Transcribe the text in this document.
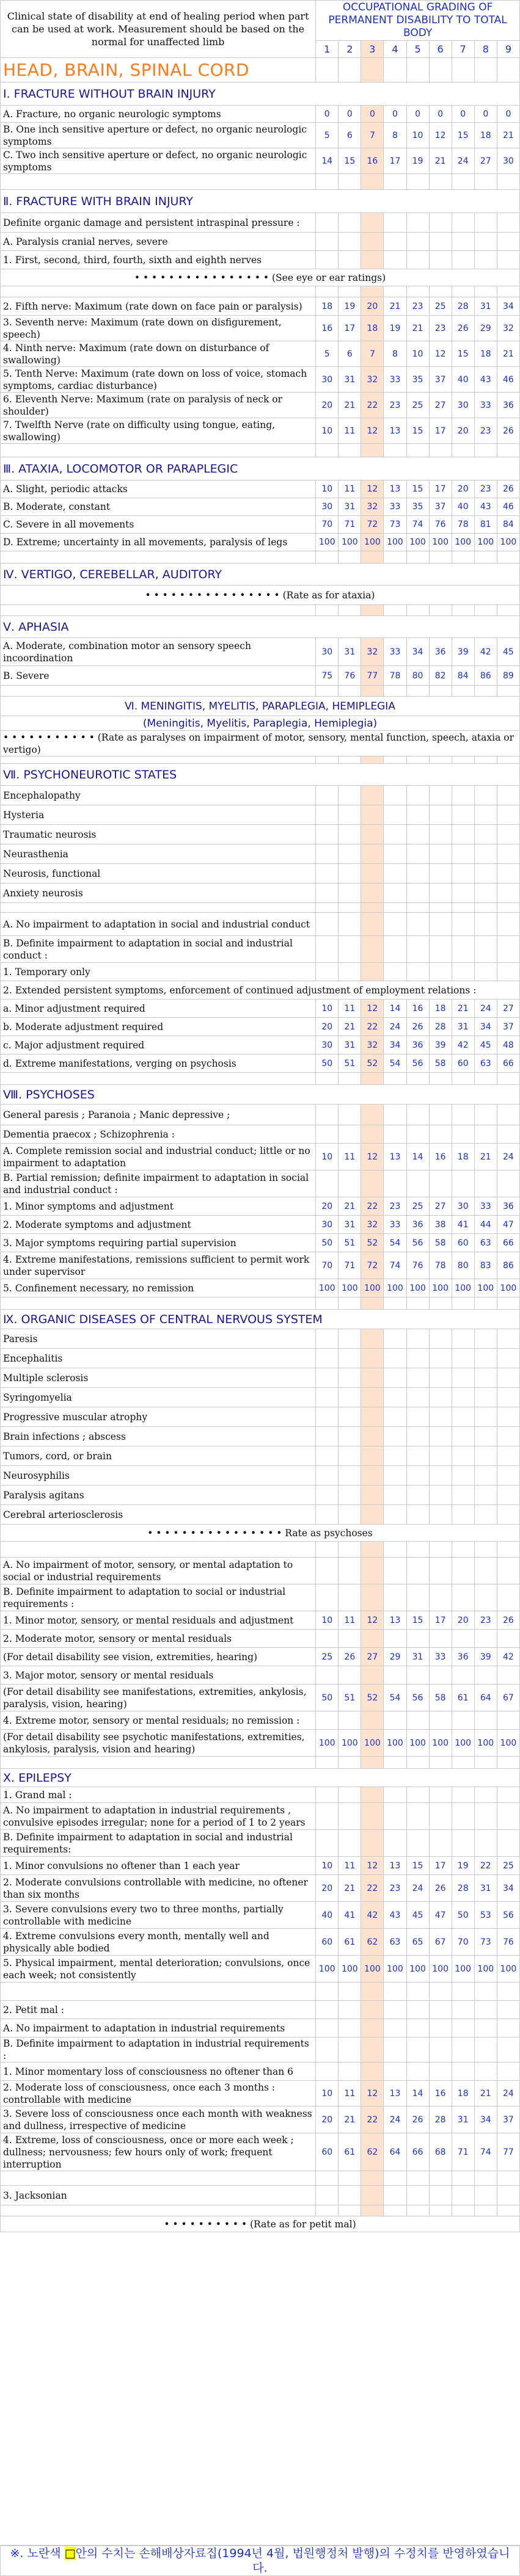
Clinical state of disability at end of healing period when part can be used at work. Measurement should be based on the normal for unaffected limb	OCCUPATIONAL GRADING OF PERMANENT DISABILITY TO TOTAL BODY								
	1	2	3	4	5	6	7	8	9
HEAD, BRAIN, SPINAL CORD									
Ⅰ. FRACTURE WITHOUT BRAIN INJURY									
A. Fracture, no organic neurologic symptoms	0	0	0	0	0	0	0	0	0
B. One inch sensitive aperture or defect, no organic neurologic symptoms	5	6	7	8	10	12	15	18	21
C. Two inch sensitive aperture or defect, no organic neurologic symptoms	14	15	16	17	19	21	24	27	30

Ⅱ. FRACTURE WITH BRAIN INJURY									
Definite organic damage and persistent intraspinal pressure :									
A. Paralysis cranial nerves, severe									
1. First, second, third, fourth, sixth and eighth nerves									
• • • • • • • • • • • • • • • • (See eye or ear ratings)									

2. Fifth nerve: Maximum (rate down on face pain or paralysis)	18	19	20	21	23	25	28	31	34
3. Seventh nerve: Maximum (rate down on disfigurement, speech)	16	17	18	19	21	23	26	29	32
4. Ninth nerve: Maximum (rate down on disturbance of swallowing)	5	6	7	8	10	12	15	18	21
5. Tenth Nerve: Maximum (rate down on loss of voice, stomach symptoms, cardiac disturbance)	30	31	32	33	35	37	40	43	46
6. Eleventh Nerve: Maximum (rate on paralysis of neck or shoulder)	20	21	22	23	25	27	30	33	36
7. Twelfth Nerve (rate on difficulty using tongue, eating, swallowing)	10	11	12	13	15	17	20	23	26

Ⅲ. ATAXIA, LOCOMOTOR OR PARAPLEGIC									
A. Slight, periodic attacks	10	11	12	13	15	17	20	23	26
B. Moderate, constant	30	31	32	33	35	37	40	43	46
C. Severe in all movements	70	71	72	73	74	76	78	81	84
D. Extreme; uncertainty in all movements, paralysis of legs	100	100	100	100	100	100	100	100	100

Ⅳ. VERTIGO, CEREBELLAR, AUDITORY									
• • • • • • • • • • • • • • • • (Rate as for ataxia)									

Ⅴ. APHASIA									
A. Moderate, combination motor an sensory speech incoordination	30	31	32	33	34	36	39	42	45
B. Severe	75	76	77	78	80	82	84	86	89

Ⅵ. MENINGITIS, MYELITIS, PARAPLEGIA, HEMIPLEGIA									
(Meningitis, Myelitis, Paraplegia, Hemiplegia)									
• • • • • • • • • • • (Rate as paralyses on impairment of motor, sensory, mental function, speech, ataxia or vertigo)									

Ⅶ. PSYCHONEUROTIC STATES									
Encephalopathy									
Hysteria									
Traumatic neurosis									
Neurasthenia									
Neurosis, functional									
Anxiety neurosis									

A. No impairment to adaptation in social and industrial conduct									
B. Definite impairment to adaptation in social and industrial conduct :									
1. Temporary only									
2. Extended persistent symptoms, enforcement of continued adjustment of employment relations :									
a. Minor adjustment required	10	11	12	14	16	18	21	24	27
b. Moderate adjustment required	20	21	22	24	26	28	31	34	37
c. Major adjustment required	30	31	32	34	36	39	42	45	48
d. Extreme manifestations, verging on psychosis	50	51	52	54	56	58	60	63	66

Ⅷ. PSYCHOSES									
General paresis ; Paranoia ; Manic depressive ;									
Dementia praecox ; Schizophrenia :									
A. Complete remission social and industrial conduct; little or no impairment to adaptation	10	11	12	13	14	16	18	21	24
B. Partial remission; definite impairment to adaptation in social and industrial conduct :									
1. Minor symptoms and adjustment	20	21	22	23	25	27	30	33	36
2. Moderate symptoms and adjustment	30	31	32	33	36	38	41	44	47
3. Major symptoms requiring partial supervision	50	51	52	54	56	58	60	63	66
4. Extreme manifestations, remissions sufficient to permit work under supervisor	70	71	72	74	76	78	80	83	86
5. Confinement necessary, no remission	100	100	100	100	100	100	100	100	100

Ⅸ. ORGANIC DISEASES OF CENTRAL NERVOUS SYSTEM									
Paresis									
Encephalitis									
Multiple sclerosis									
Syringomyelia									
Progressive muscular atrophy									
Brain infections ; abscess									
Tumors, cord, or brain									
Neurosyphilis									
Paralysis agitans									
Cerebral arteriosclerosis									
• • • • • • • • • • • • • • • • Rate as psychoses									

A. No impairment of motor, sensory, or mental adaptation to social or industrial requirements									
B. Definite impairment to adaptation to social or industrial requirements :									
1. Minor motor, sensory, or mental residuals and adjustment	10	11	12	13	15	17	20	23	26
2. Moderate motor, sensory or mental residuals									
(For detail disability see vision, extremities, hearing)	25	26	27	29	31	33	36	39	42
3. Major motor, sensory or mental residuals									
(For detail disability see manifestations, extremities, ankylosis, paralysis, vision, hearing)	50	51	52	54	56	58	61	64	67
4. Extreme motor, sensory or mental residuals; no remission :									
(For detail disability see psychotic manifestations, extremities, ankylosis, paralysis, vision and hearing)	100	100	100	100	100	100	100	100	100

Ⅹ. EPILEPSY									
1. Grand mal :									
A. No impairment to adaptation in industrial requirements , convulsive episodes irregular; none for a period of 1 to 2 years									
B. Definite impairment to adaptation in social and industrial requirements:									
1. Minor convulsions no oftener than 1 each year	10	11	12	13	15	17	19	22	25
2. Moderate convulsions controllable with medicine, no oftener than six months	20	21	22	23	24	26	28	31	34
3. Severe convulsions every two to three months, partially controllable with medicine	40	41	42	43	45	47	50	53	56
4. Extreme convulsions every month, mentally well and physically able bodied	60	61	62	63	65	67	70	73	76
5. Physical impairment, mental deterioration; convulsions, once each week; not consistently	100	100	100	100	100	100	100	100	100

2. Petit mal :									
A. No impairment to adaptation in industrial requirements									
B. Definite impairment to adaptation in industrial requirements :									
1. Minor momentary loss of consciousness no oftener than 6									
2. Moderate loss of consciousness, once each 3 months : controllable with medicine	10	11	12	13	14	16	18	21	24
3. Severe loss of consciousness once each month with weakness and dullness, irrespective of medicine	20	21	22	24	26	28	31	34	37
4. Extreme, loss of consciousness, once or more each week ; dullness; nervousness; few hours only of work; frequent interruption	60	61	62	64	66	68	71	74	77

3. Jacksonian									

• • • • • • • • • • (Rate as for petit mal)									
※. 노란색 □안의 수치는 손해배상자료집(1994년 4월, 법원행정처 발행)의 수정치를 반영하였습니다.
